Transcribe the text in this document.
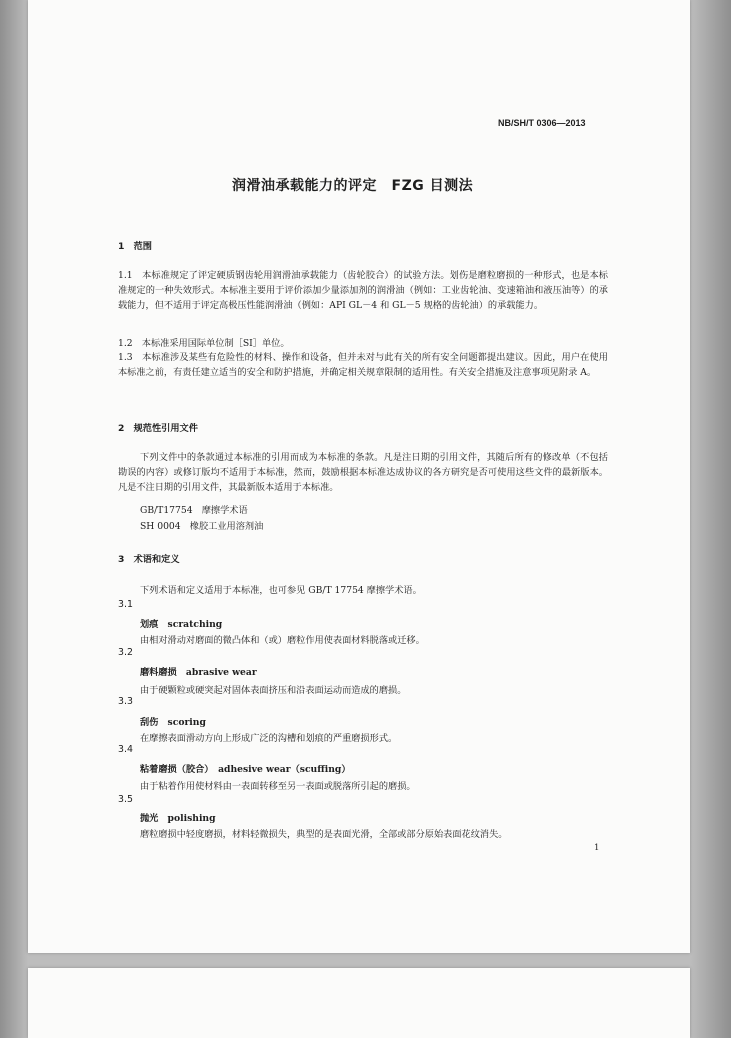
NB/SH/T 0306—2013
润滑油承载能力的评定　FZG 目测法
1　范围
1.1　本标准规定了评定硬质钢齿轮用润滑油承载能力（齿轮胶合）的试验方法。划伤是磨粒磨损的一种形式，也是本标准规定的一种失效形式。本标准主要用于评价添加少量添加剂的润滑油（例如：工业齿轮油、变速箱油和液压油等）的承载能力，但不适用于评定高极压性能润滑油（例如：API GL－4 和 GL－5 规格的齿轮油）的承载能力。
1.2　本标准采用国际单位制［SI］单位。
1.3　本标准涉及某些有危险性的材料、操作和设备，但并未对与此有关的所有安全问题都提出建议。因此，用户在使用本标准之前，有责任建立适当的安全和防护措施，并确定相关规章限制的适用性。有关安全措施及注意事项见附录 A。
2　规范性引用文件
下列文件中的条款通过本标准的引用而成为本标准的条款。凡是注日期的引用文件，其随后所有的修改单（不包括勘误的内容）或修订版均不适用于本标准，然而，鼓励根据本标准达成协议的各方研究是否可使用这些文件的最新版本。凡是不注日期的引用文件，其最新版本适用于本标准。
GB/T17754　摩擦学术语
SH 0004　橡胶工业用溶剂油
3　术语和定义
下列术语和定义适用于本标准，也可参见 GB/T 17754 摩擦学术语。
3.1
划痕　scratching
由相对滑动对磨面的微凸体和（或）磨粒作用使表面材料脱落或迁移。
3.2
磨料磨损　abrasive wear
由于硬颗粒或硬突起对固体表面挤压和沿表面运动而造成的磨损。
3.3
刮伤　scoring
在摩擦表面滑动方向上形成广泛的沟槽和划痕的严重磨损形式。
3.4
粘着磨损（胶合）　adhesive wear（scuffing）
由于粘着作用使材料由一表面转移至另一表面或脱落所引起的磨损。
3.5
抛光　polishing
磨粒磨损中轻度磨损，材料轻微损失，典型的是表面光滑，全部或部分原始表面花纹消失。
1
